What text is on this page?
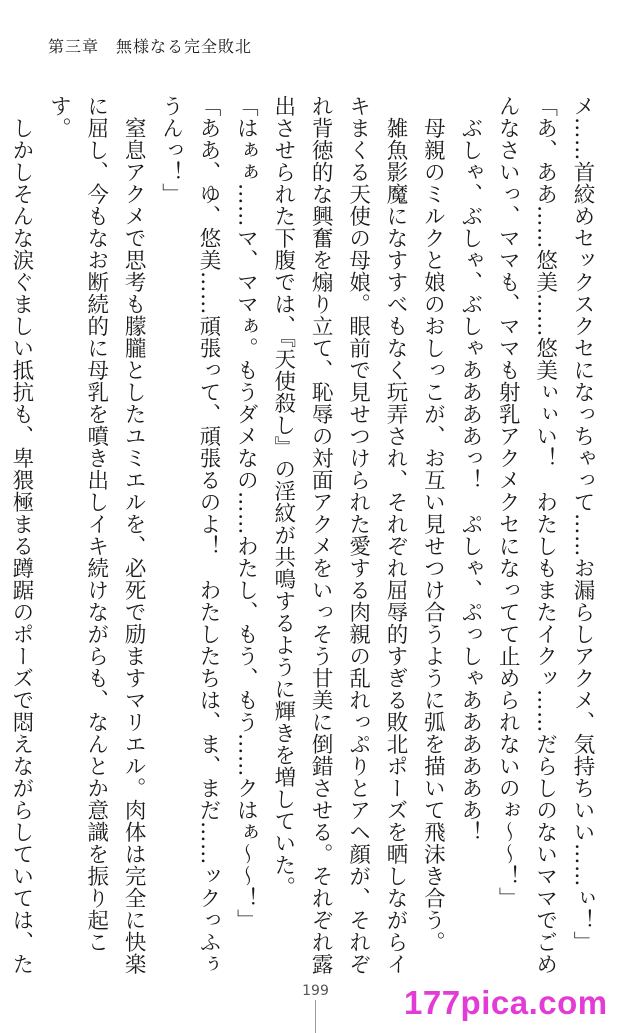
第三章　無様なる完全敗北

メ……首絞めセックスクセになっちゃって……お漏らしアクメ、気持ちいい……ぃ！」

「あ、ああ……悠美……悠美ぃぃい！　わたしもまたイクッ……だらしのないママでごめんなさいっ、ママも、ママも射乳アクメクセになってて止められないのぉ〜〜！」

　ぶしゃ、ぶしゃ、ぶしゃああああっ！　ぷしゃ、ぷっしゃああああああ！

　母親のミルクと娘のおしっこが、お互い見せつけ合うように弧を描いて飛沫き合う。

　雑魚影魔になすすべもなく玩弄され、それぞれ屈辱的すぎる敗北ポーズを晒しながらイキまくる天使の母娘。眼前で見せつけられた愛する肉親の乱れっぷりとアヘ顔が、それぞれ背徳的な興奮を煽り立て、恥辱の対面アクメをいっそう甘美に倒錯させる。それぞれ露出させられた下腹では、『天使殺し』の淫紋が共鳴するように輝きを増していた。

「はぁぁ……マ、ママぁ。もうダメなの……わたし、もう、もう……クはぁ〜〜！」

「ああ、ゆ、悠美……頑張って、頑張るのよ！　わたしたちは、ま、まだ……ックっふぅうんっ！」

　窒息アクメで思考も朦朧としたユミエルを、必死で励ますマリエル。肉体は完全に快楽に屈し、今もなお断続的に母乳を噴き出しイキ続けながらも、なんとか意識を振り起こす。

　しかしそんな涙ぐましい抵抗も、卑猥極まる蹲踞のポーズで悶えながらしていては、た

199	177pica.com
